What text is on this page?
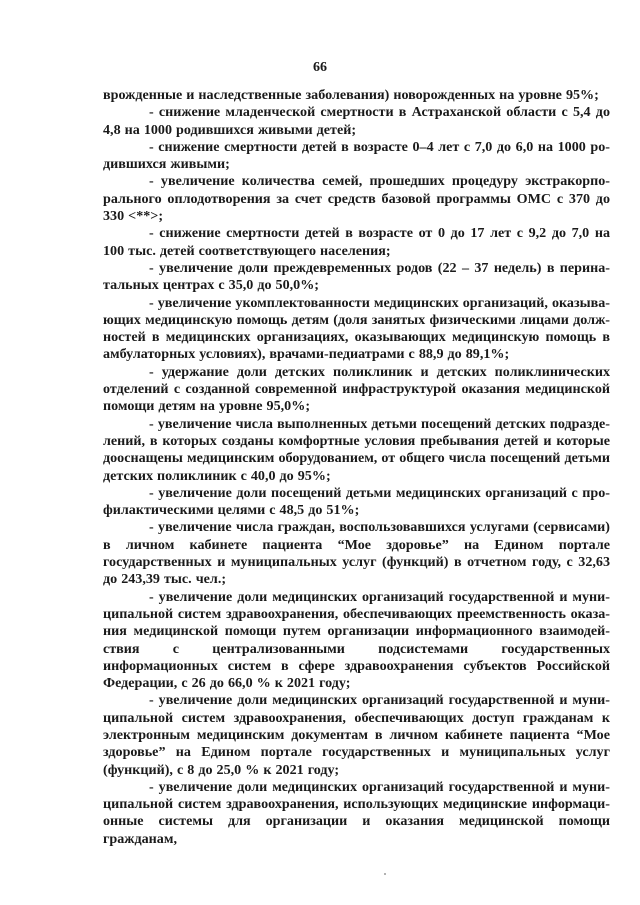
66

врожденные и наследственные заболевания) новорожденных на уровне 95%;

- снижение младенческой смертности в Астраханской области с 5,4 до 4,8 на 1000 родившихся живыми детей;

- снижение смертности детей в возрасте 0–4 лет с 7,0 до 6,0 на 1000 родившихся живыми;

- увеличение количества семей, прошедших процедуру экстракорпорального оплодотворения за счет средств базовой программы ОМС с 370 до 330 <**>;

- снижение смертности детей в возрасте от 0 до 17 лет с 9,2 до 7,0 на 100 тыс. детей соответствующего населения;

- увеличение доли преждевременных родов (22 – 37 недель) в перинатальных центрах с 35,0 до 50,0%;

- увеличение укомплектованности медицинских организаций, оказывающих медицинскую помощь детям (доля занятых физическими лицами должностей в медицинских организациях, оказывающих медицинскую помощь в амбулаторных условиях), врачами-педиатрами с 88,9 до 89,1%;

- удержание доли детских поликлиник и детских поликлинических отделений с созданной современной инфраструктурой оказания медицинской помощи детям на уровне 95,0%;

- увеличение числа выполненных детьми посещений детских подразделений, в которых созданы комфортные условия пребывания детей и которые дооснащены медицинским оборудованием, от общего числа посещений детьми детских поликлиник с 40,0 до 95%;

- увеличение доли посещений детьми медицинских организаций с профилактическими целями с 48,5 до 51%;

- увеличение числа граждан, воспользовавшихся услугами (сервисами) в личном кабинете пациента “Мое здоровье” на Едином портале государственных и муниципальных услуг (функций) в отчетном году, с 32,63 до 243,39 тыс. чел.;

- увеличение доли медицинских организаций государственной и муниципальной систем здравоохранения, обеспечивающих преемственность оказания медицинской помощи путем организации информационного взаимодействия с централизованными подсистемами государственных информационных систем в сфере здравоохранения субъектов Российской Федерации, с 26 до 66,0 % к 2021 году;

- увеличение доли медицинских организаций государственной и муниципальной систем здравоохранения, обеспечивающих доступ гражданам к электронным медицинским документам в личном кабинете пациента “Мое здоровье” на Едином портале государственных и муниципальных услуг (функций), с 8 до 25,0 % к 2021 году;

- увеличение доли медицинских организаций государственной и муниципальной систем здравоохранения, использующих медицинские информационные системы для организации и оказания медицинской помощи гражданам,
